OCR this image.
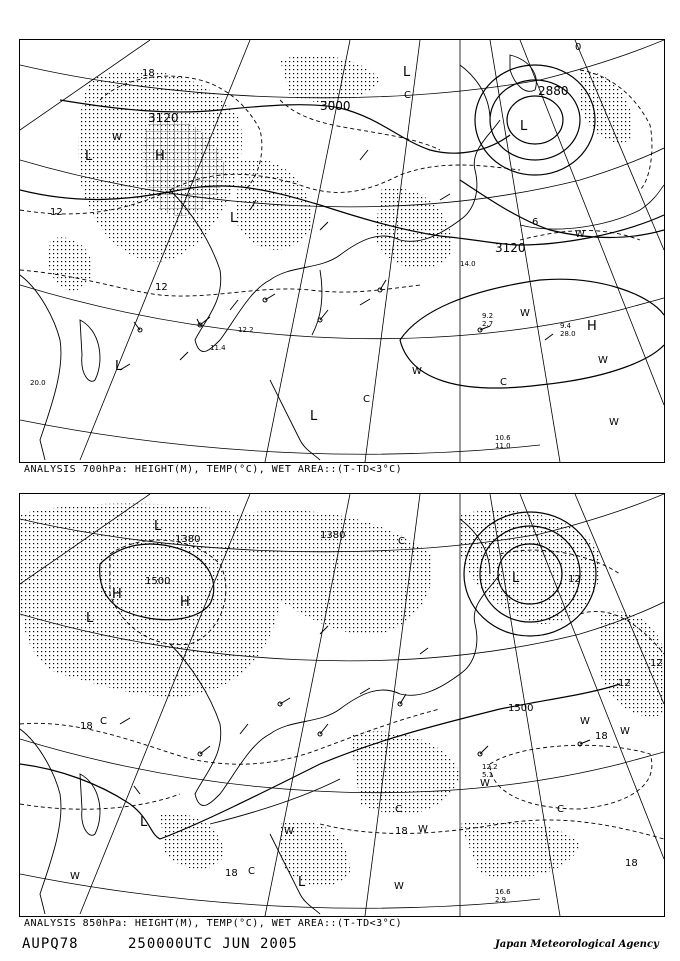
10.6
11.0
9.2
2.7	9.4
28.0
11.4
14.0
12.2
20.0
3000
3120
3120
2880
18
12
12
6
0
L
L
L
L
L
L
H
H
W
W
W
W
W
W
C
C
C
ANALYSIS 700hPa: HEIGHT(M), TEMP(°C), WET AREA::(T-TD<3°C)
12.2
5.1
16.6
2.9
1500
1500
1380	1380
18
18
12
12
12
18
18
18
L
L
L
L
L
H
H
W
W	W
W
W
W
W
C
C	C
C
C
ANALYSIS 850hPa: HEIGHT(M), TEMP(°C), WET AREA::(T-TD<3°C)
AUPQ78	250000UTC JUN 2005	Japan Meteorological Agency
